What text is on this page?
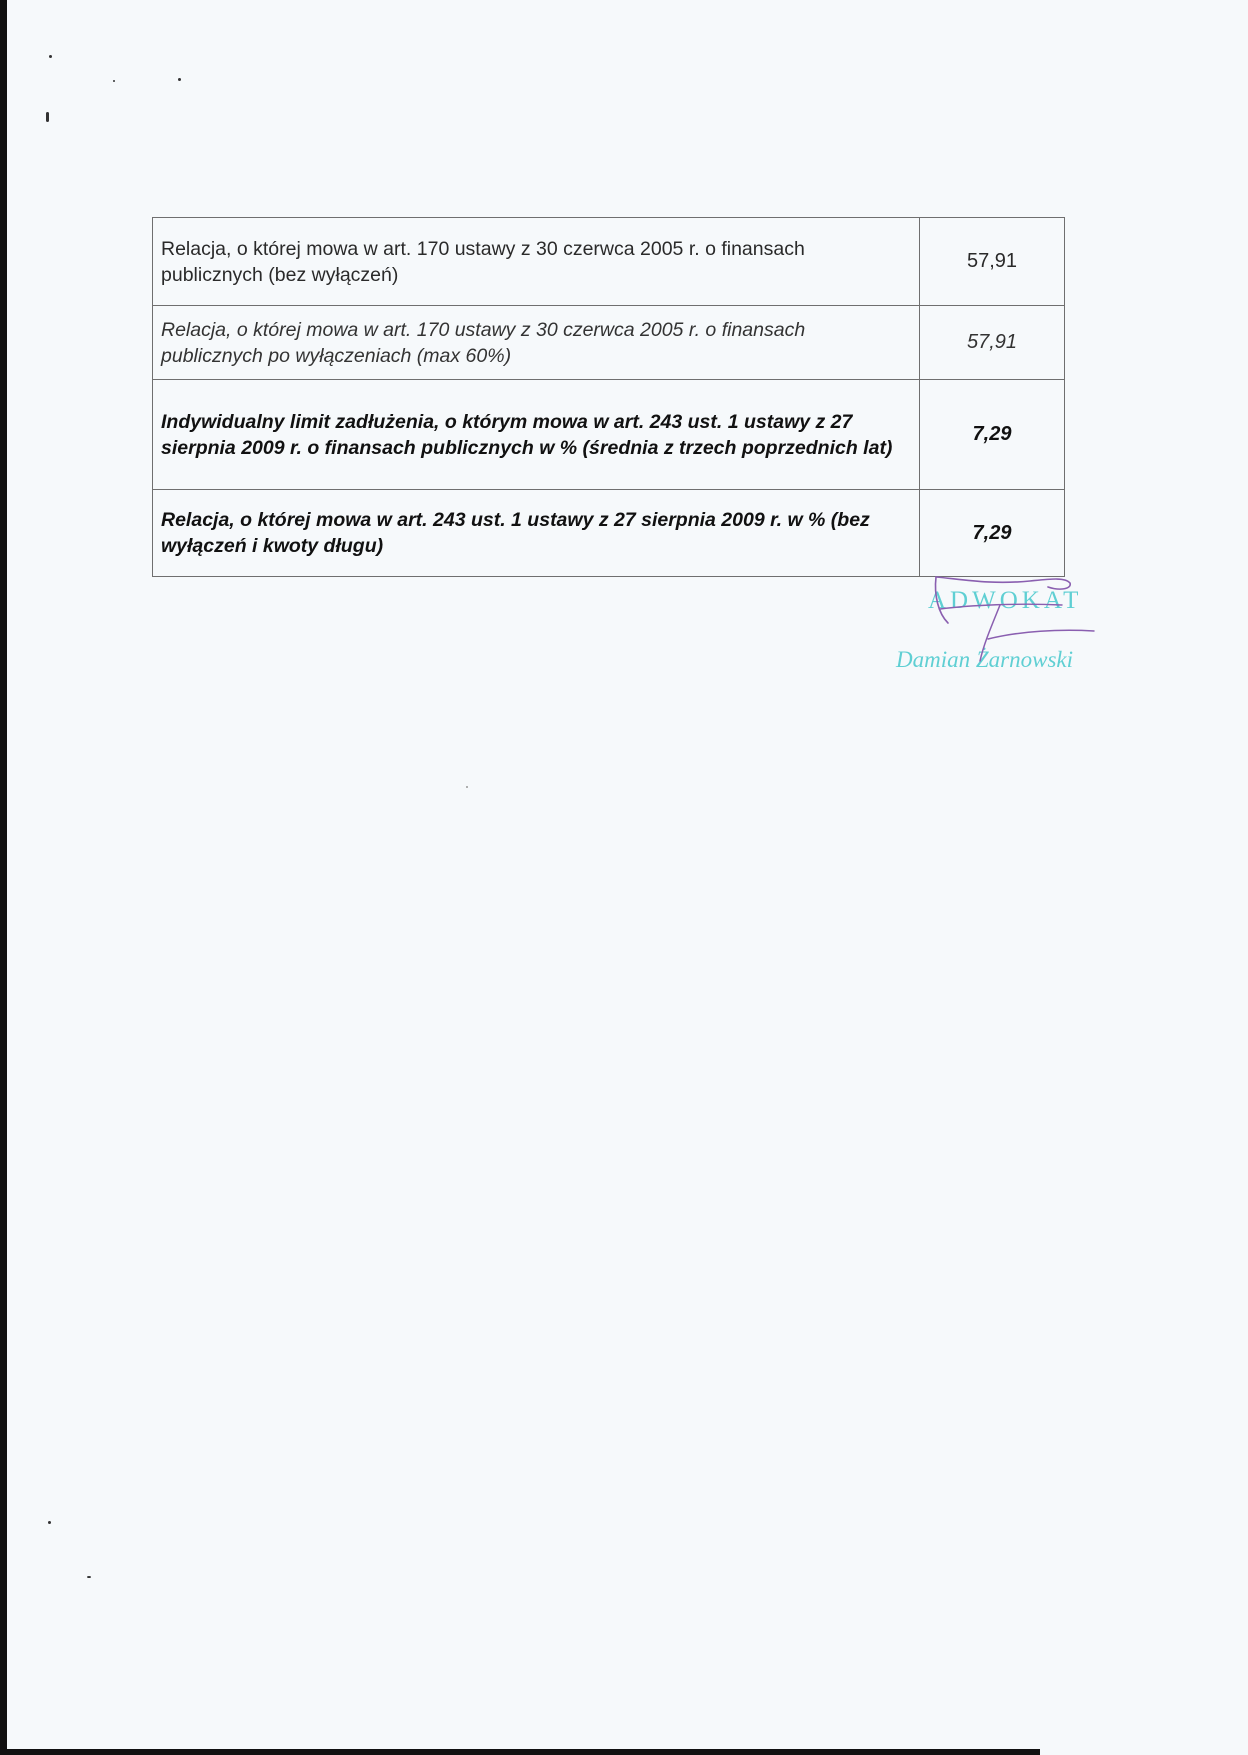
Relacja, o której mowa w art. 170 ustawy z 30 czerwca 2005 r. o finansach publicznych (bez wyłączeń)	57,91
Relacja, o której mowa w art. 170 ustawy z 30 czerwca 2005 r. o finansach publicznych po wyłączeniach (max 60%)	57,91
Indywidualny limit zadłużenia, o którym mowa w art. 243 ust. 1 ustawy z 27 sierpnia 2009 r. o finansach publicznych w % (średnia z trzech poprzednich lat)	7,29
Relacja, o której mowa w art. 243 ust. 1 ustawy z 27 sierpnia 2009 r. w % (bez wyłączeń i kwoty długu)	7,29
ADWOKAT
Damian Żarnowski
